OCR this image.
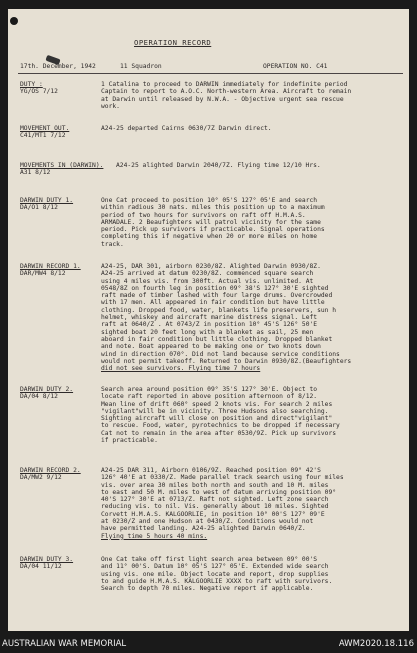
OPERATION RECORD
17th. December, 1942	11 Squadron	OPERATION NO. C41
DUTY :
YG/OS 7/12
1 Catalina to proceed to DARWIN immediately for indefinite period
Captain to report to A.O.C. North-western Area. Aircraft to remain
at Darwin until released by N.W.A. - Objective urgent sea rescue
work.
MOVEMENT OUT.
C41/MT1 7/12
A24-25 departed Cairns 0630/7Z Darwin direct.
MOVEMENTS IN (DARWIN).
A31 8/12
A24-25 alighted Darwin 2040/7Z. Flying time 12/10 Hrs.
DARWIN DUTY 1.
DA/O1 8/12
One Cat proceed to position 10° 05'S 127° 05'E and search
within radious 30 nats. miles this position up to a maximum
period of two hours for survivors on raft off H.M.A.S.
ARMADALE. 2 Beaufighters will patrol vicinity for the same
period. Pick up survivors if practicable. Signal operations
completing this if negative when 20 or more miles on home
track.
DARWIN RECORD 1.
DAR/MW4 8/12
A24-25, DAR 301, airborn 0230/8Z. Alighted Darwin 0930/8Z.
A24-25 arrived at datum 0230/8Z. commenced square search
using 4 miles vis. from 300ft. Actual vis. unlimited. At
0548/8Z on fourth leg in position 09° 38'S 127° 30'E sighted
raft made of timber lashed with four large drums. Overcrowded
with 17 men. All appeared in fair condition but have little
clothing. Dropped food, water, blankets life preservers, sun h
helmet, whiskey and aircraft marine distress signal. Left
raft at 0640/Z . At 0743/Z in position 10° 45'S 126° 50'E
sighted boat 20 feet long with a blanket as sail, 25 men
aboard in fair condition but little clothing. Dropped blanket
and note. Boat appeared to be making one or two knots down
wind in direction 070°. Did not land because service conditions
would not permit takeoff. Returned to Darwin 0930/8Z.(Beaufighters
did not see survivors. Flying time 7 hours
DARWIN DUTY 2.
DA/04 8/12
Search area around position 09° 35'S 127° 30'E. Object to
locate raft reported in above position afternoon of 8/12.
Mean line of drift 060° speed 2 knots vis. For search 2 miles
"vigilant"will be in vicinity. Three Hudsons also searching.
Sighting aircraft will close on position and direct"vigilant"
to rescue. Food, water, pyrotechnics to be dropped if necessary
Cat not to remain in the area after 0530/9Z. Pick up survivors
if practicable.
DARWIN RECORD 2.
DA/MW2 9/12
A24-25 DAR 311, Airborn 0106/9Z. Reached position 09° 42'S
126° 40'E at 0330/Z. Made parallel track search using four miles
vis. over area 30 miles both north and south and 10 M. miles
to east and 50 M. miles to west of datum arriving position 09°
40'S 127° 30'E at 0713/Z. Raft not sighted. Left zone search
reducing vis. to nil. Vis. generally about 10 miles. Sighted
Corvett H.M.A.S. KALGOORLIE, in position 10° 00'S 127° 09'E
at 0230/Z and one Hudson at 0430/Z. Conditions would not
have permitted landing. A24-25 alighted Darwin 0640/Z.
Flying time 5 hours 40 mins.
DARWIN DUTY 3.
DA/04 11/12
One Cat take off first light search area between 09° 00'S
and 11° 00'S. Datum 10° 05'S 127° 05'E. Extended wide search
using vis. one mile. Object locate and report, drop supplies
to and guide H.M.A.S. KALGOORLIE XXXX to raft with survivors.
Search to depth 70 miles. Negative report if applicable.
AUSTRALIAN WAR MEMORIAL	AWM2020.18.116
